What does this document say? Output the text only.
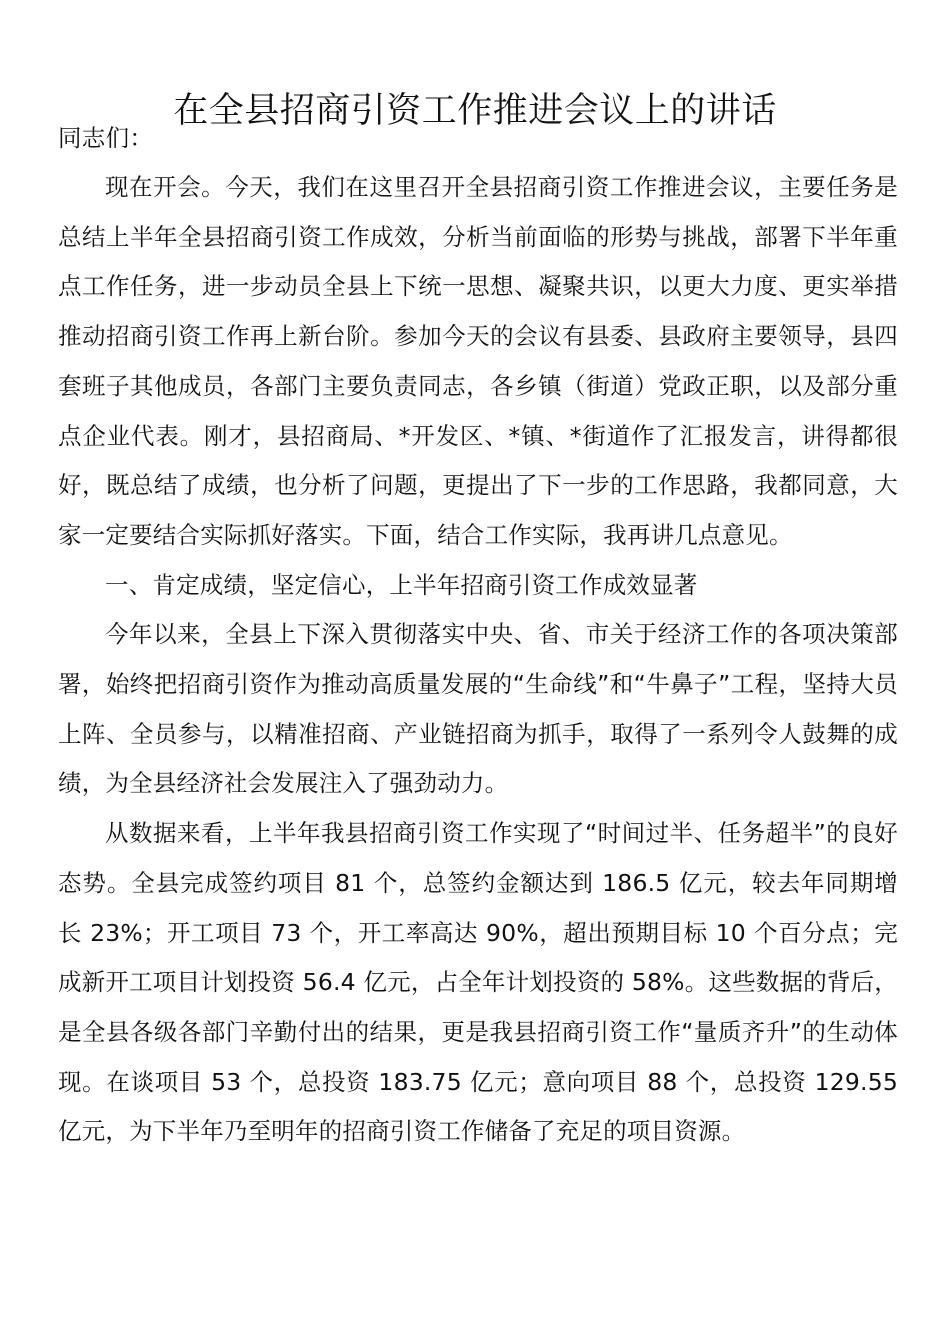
在全县招商引资工作推进会议上的讲话

同志们：

现在开会。今天，我们在这里召开全县招商引资工作推进会议，主要任务是总结上半年全县招商引资工作成效，分析当前面临的形势与挑战，部署下半年重点工作任务，进一步动员全县上下统一思想、凝聚共识，以更大力度、更实举措推动招商引资工作再上新台阶。参加今天的会议有县委、县政府主要领导，县四套班子其他成员，各部门主要负责同志，各乡镇（街道）党政正职，以及部分重点企业代表。刚才，县招商局、*开发区、*镇、*街道作了汇报发言，讲得都很好，既总结了成绩，也分析了问题，更提出了下一步的工作思路，我都同意，大家一定要结合实际抓好落实。下面，结合工作实际，我再讲几点意见。

一、肯定成绩，坚定信心，上半年招商引资工作成效显著

今年以来，全县上下深入贯彻落实中央、省、市关于经济工作的各项决策部署，始终把招商引资作为推动高质量发展的“生命线”和“牛鼻子”工程，坚持大员上阵、全员参与，以精准招商、产业链招商为抓手，取得了一系列令人鼓舞的成绩，为全县经济社会发展注入了强劲动力。

从数据来看，上半年我县招商引资工作实现了“时间过半、任务超半”的良好态势。全县完成签约项目 81 个，总签约金额达到 186.5 亿元，较去年同期增长 23%；开工项目 73 个，开工率高达 90%，超出预期目标 10 个百分点；完成新开工项目计划投资 56.4 亿元，占全年计划投资的 58%。这些数据的背后，是全县各级各部门辛勤付出的结果，更是我县招商引资工作“量质齐升”的生动体现。在谈项目 53 个，总投资 183.75 亿元；意向项目 88 个，总投资 129.55 亿元，为下半年乃至明年的招商引资工作储备了充足的项目资源。
